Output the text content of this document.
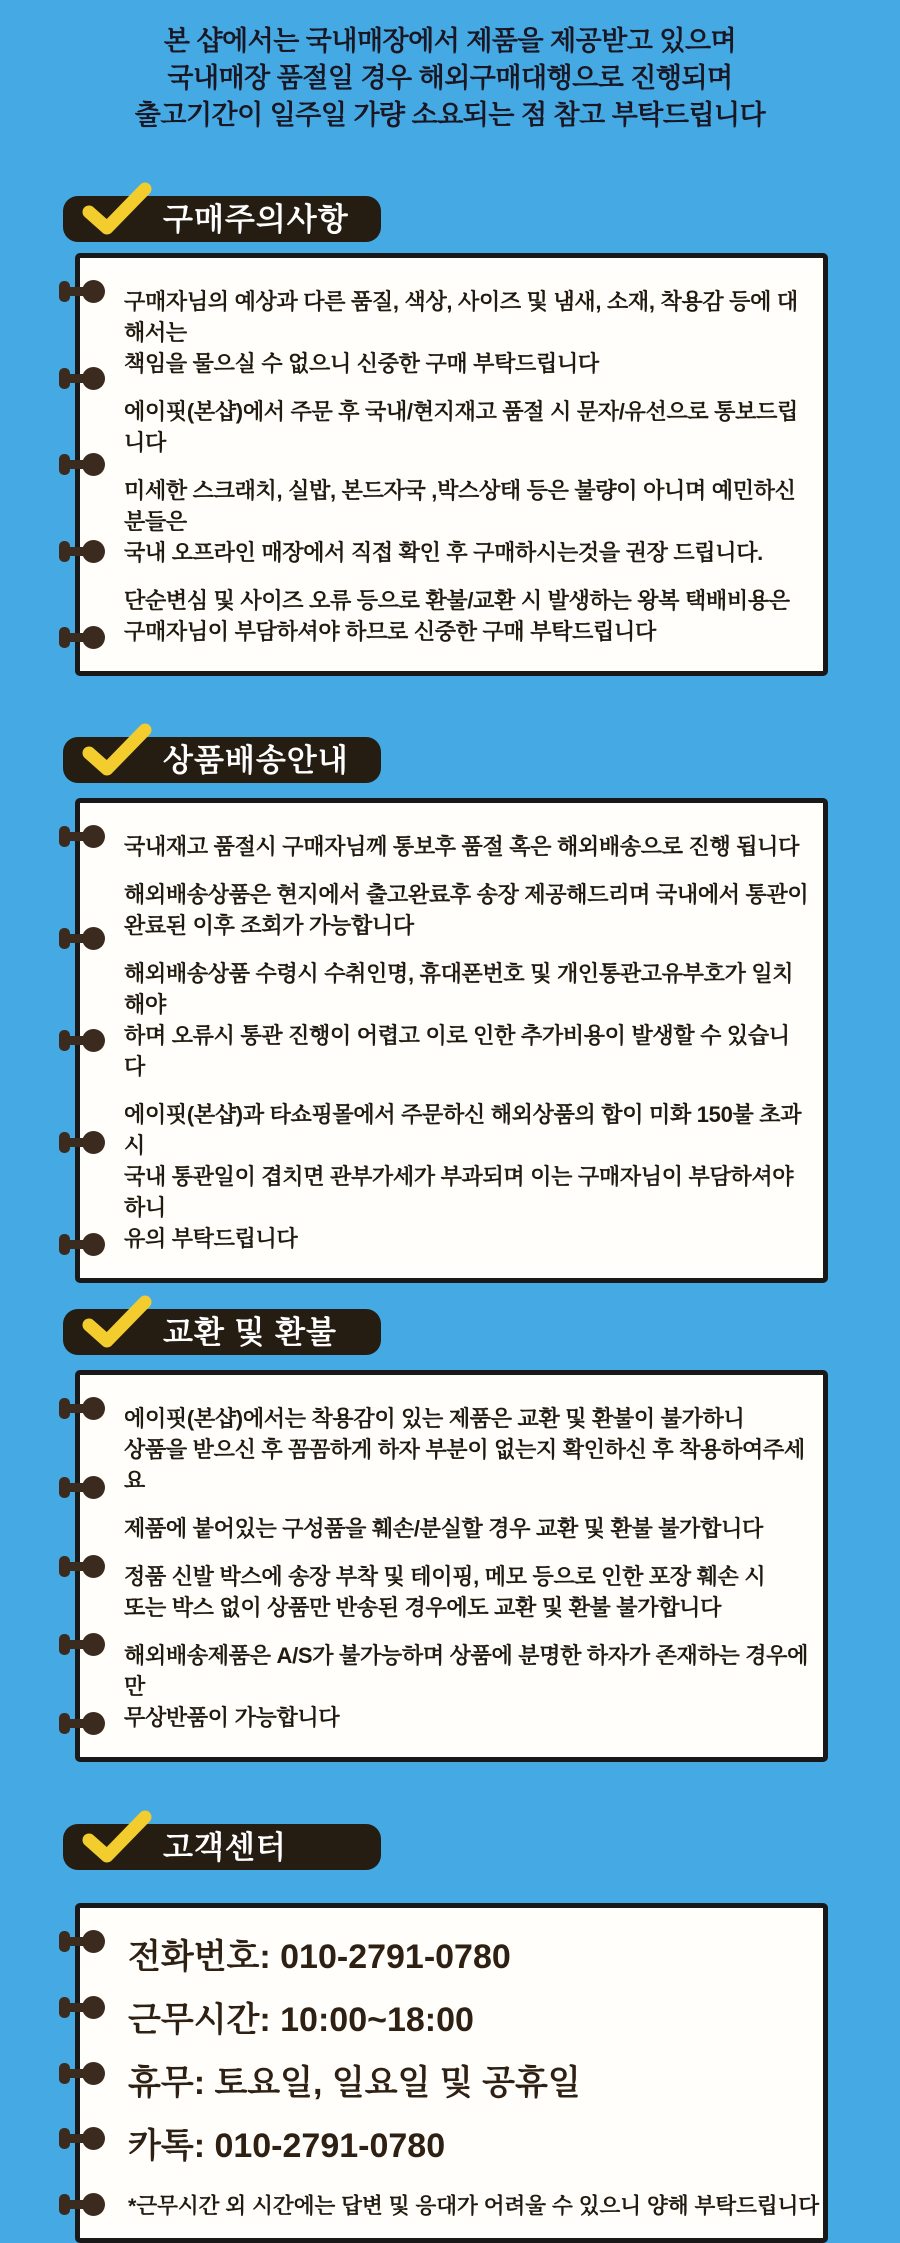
본 샵에서는 국내매장에서 제품을 제공받고 있으며
국내매장 품절일 경우 해외구매대행으로 진행되며
출고기간이 일주일 가량 소요되는 점 참고 부탁드립니다
구매주의사항

구매자님의 예상과 다른 품질, 색상, 사이즈 및 냄새, 소재, 착용감 등에 대해서는
책임을 물으실 수 없으니 신중한 구매 부탁드립니다

에이핏(본샵)에서 주문 후 국내/현지재고 품절 시 문자/유선으로 통보드립니다

미세한 스크래치, 실밥, 본드자국 ,박스상태 등은 불량이 아니며 예민하신 분들은
국내 오프라인 매장에서 직접 확인 후 구매하시는것을 권장 드립니다.

단순변심 및 사이즈 오류 등으로 환불/교환 시 발생하는 왕복 택배비용은
구매자님이 부담하셔야 하므로 신중한 구매 부탁드립니다

상품배송안내

국내재고 품절시 구매자님께 통보후 품절 혹은 해외배송으로 진행 됩니다

해외배송상품은 현지에서 출고완료후 송장 제공해드리며 국내에서 통관이
완료된 이후 조회가 가능합니다

해외배송상품 수령시 수취인명, 휴대폰번호 및 개인통관고유부호가 일치해야
하며 오류시 통관 진행이 어렵고 이로 인한 추가비용이 발생할 수 있습니다

에이핏(본샵)과 타쇼핑몰에서 주문하신 해외상품의 합이 미화 150불 초과시
국내 통관일이 겹치면 관부가세가 부과되며 이는 구매자님이 부담하셔야 하니
유의 부탁드립니다

교환 및 환불

에이핏(본샵)에서는 착용감이 있는 제품은 교환 및 환불이 불가하니
상품을 받으신 후 꼼꼼하게 하자 부분이 없는지 확인하신 후 착용하여주세요

제품에 붙어있는 구성품을 훼손/분실할 경우 교환 및 환불 불가합니다

정품 신발 박스에 송장 부착 및 테이핑, 메모 등으로 인한 포장 훼손 시
또는 박스 없이 상품만 반송된 경우에도 교환 및 환불 불가합니다

해외배송제품은 A/S가 불가능하며 상품에 분명한 하자가 존재하는 경우에만
무상반품이 가능합니다

고객센터
전화번호: 010-2791-0780
근무시간: 10:00~18:00
휴무: 토요일, 일요일 및 공휴일
카톡: 010-2791-0780
*근무시간 외 시간에는 답변 및 응대가 어려울 수 있으니 양해 부탁드립니다
